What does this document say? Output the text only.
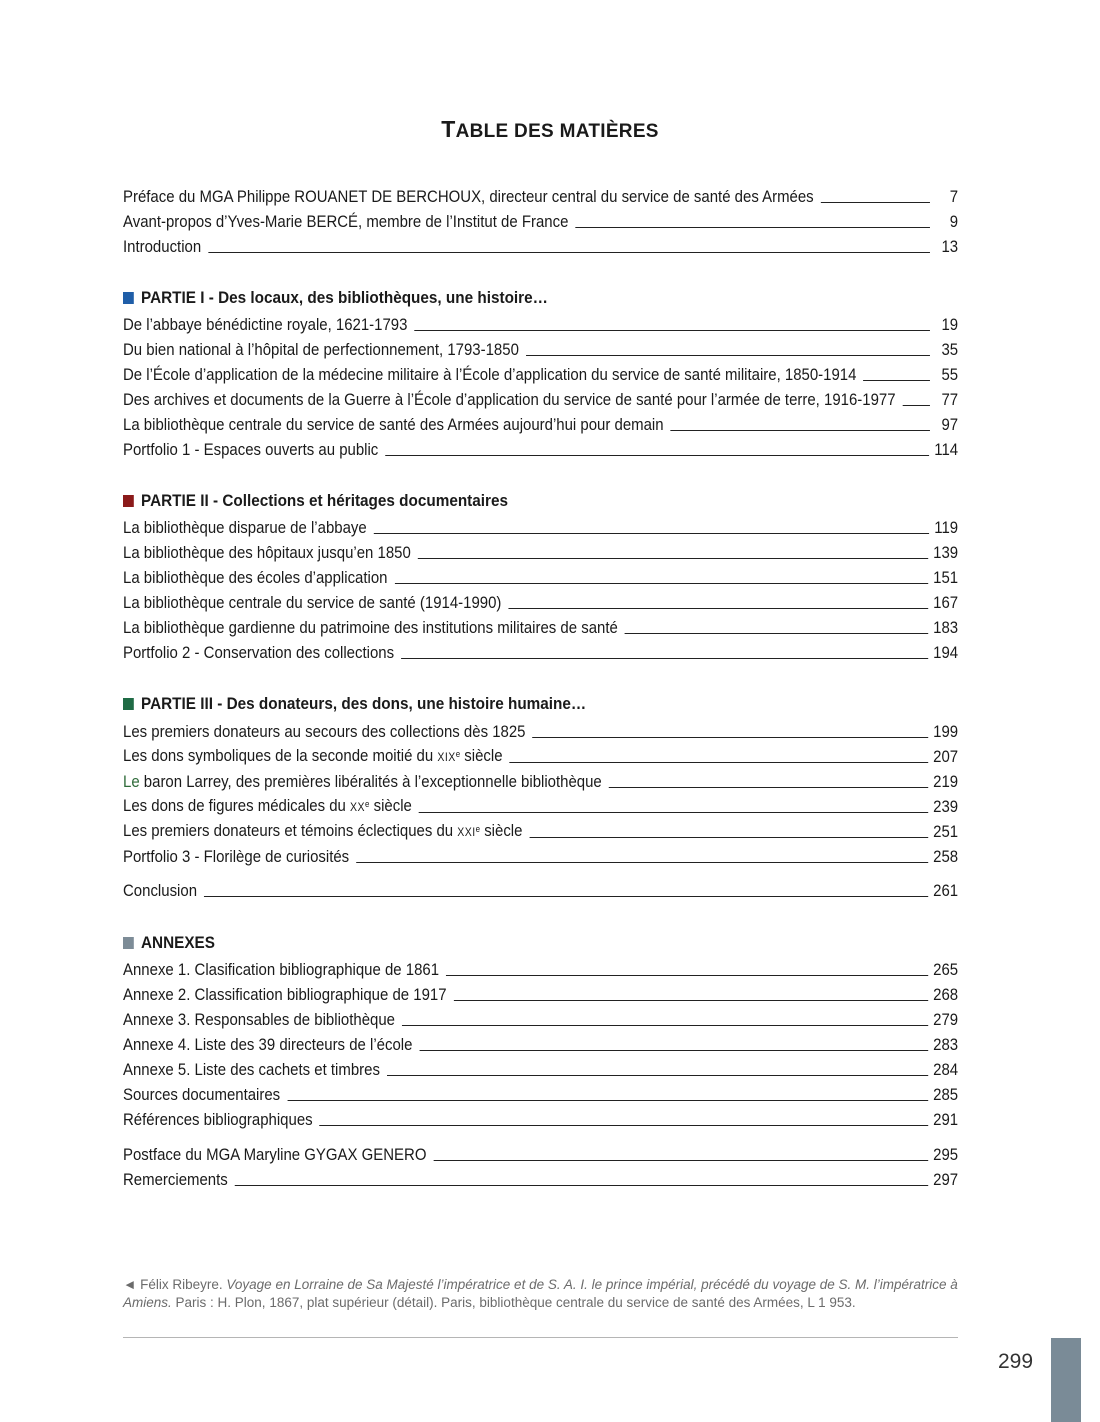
TABLE DES MATIÈRES
Préface du MGA Philippe ROUANET DE BERCHOUX, directeur central du service de santé des Armées	7
Avant-propos d’Yves-Marie BERCÉ, membre de l’Institut de France	9
Introduction	13
PARTIE I - Des locaux, des bibliothèques, une histoire…
De l’abbaye bénédictine royale, 1621-1793	19
Du bien national à l’hôpital de perfectionnement, 1793-1850	35
De l’École d’application de la médecine militaire à l’École d’application du service de santé militaire, 1850-1914	55
Des archives et documents de la Guerre à l’École d’application du service de santé pour l’armée de terre, 1916-1977	77
La bibliothèque centrale du service de santé des Armées aujourd’hui pour demain	97
Portfolio 1 - Espaces ouverts au public	114
PARTIE II - Collections et héritages documentaires
La bibliothèque disparue de l’abbaye	119
La bibliothèque des hôpitaux jusqu’en 1850	139
La bibliothèque des écoles d’application	151
La bibliothèque centrale du service de santé (1914-1990)	167
La bibliothèque gardienne du patrimoine des institutions militaires de santé	183
Portfolio 2 - Conservation des collections	194
PARTIE III - Des donateurs, des dons, une histoire humaine…
Les premiers donateurs au secours des collections dès 1825	199
Les dons symboliques de la seconde moitié du XIXe siècle	207
Le baron Larrey, des premières libéralités à l’exceptionnelle bibliothèque	219
Les dons de figures médicales du XXe siècle	239
Les premiers donateurs et témoins éclectiques du XXIe siècle	251
Portfolio 3 - Florilège de curiosités	258
Conclusion	261
ANNEXES
Annexe 1. Clasification bibliographique de 1861	265
Annexe 2. Classification bibliographique de 1917	268
Annexe 3. Responsables de bibliothèque	279
Annexe 4. Liste des 39 directeurs de l’école	283
Annexe 5. Liste des cachets et timbres	284
Sources documentaires	285
Références bibliographiques	291
Postface du MGA Maryline GYGAX GENERO	295
Remerciements	297
◄ Félix Ribeyre. Voyage en Lorraine de Sa Majesté l’impératrice et de S. A. I. le prince impérial, précédé du voyage de S. M. l’impératrice à Amiens. Paris : H. Plon, 1867, plat supérieur (détail). Paris, bibliothèque centrale du service de santé des Armées, L 1 953.
299
